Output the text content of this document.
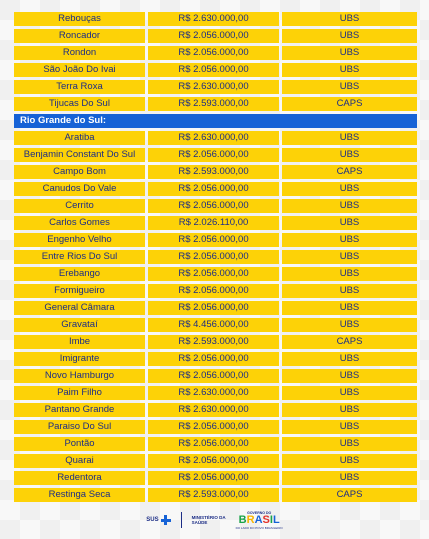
Rebouças	R$ 2.630.000,00	UBS
Roncador	R$ 2.056.000,00	UBS
Rondon	R$ 2.056.000,00	UBS
São João Do Ivai	R$ 2.056.000,00	UBS
Terra Roxa	R$ 2.630.000,00	UBS
Tijucas Do Sul	R$ 2.593.000,00	CAPS
Rio Grande do Sul:
Aratiba	R$ 2.630.000,00	UBS
Benjamin Constant Do Sul	R$ 2.056.000,00	UBS
Campo Bom	R$ 2.593.000,00	CAPS
Canudos Do Vale	R$ 2.056.000,00	UBS
Cerrito	R$ 2.056.000,00	UBS
Carlos Gomes	R$ 2.026.110,00	UBS
Engenho Velho	R$ 2.056.000,00	UBS
Entre Rios Do Sul	R$ 2.056.000,00	UBS
Erebango	R$ 2.056.000,00	UBS
Formigueiro	R$ 2.056.000,00	UBS
General Câmara	R$ 2.056.000,00	UBS
Gravataí	R$ 4.456.000,00	UBS
Imbe	R$ 2.593.000,00	CAPS
Imigrante	R$ 2.056.000,00	UBS
Novo Hamburgo	R$ 2.056.000,00	UBS
Paim Filho	R$ 2.630.000,00	UBS
Pantano Grande	R$ 2.630.000,00	UBS
Paraiso Do Sul	R$ 2.056.000,00	UBS
Pontão	R$ 2.056.000,00	UBS
Quarai	R$ 2.056.000,00	UBS
Redentora	R$ 2.056.000,00	UBS
Restinga Seca	R$ 2.593.000,00	CAPS
SUS	MINISTÉRIO DA
SAÚDE
GOVERNO DO
B R A S I L
DO LADO DO POVO BRASILEIRO
